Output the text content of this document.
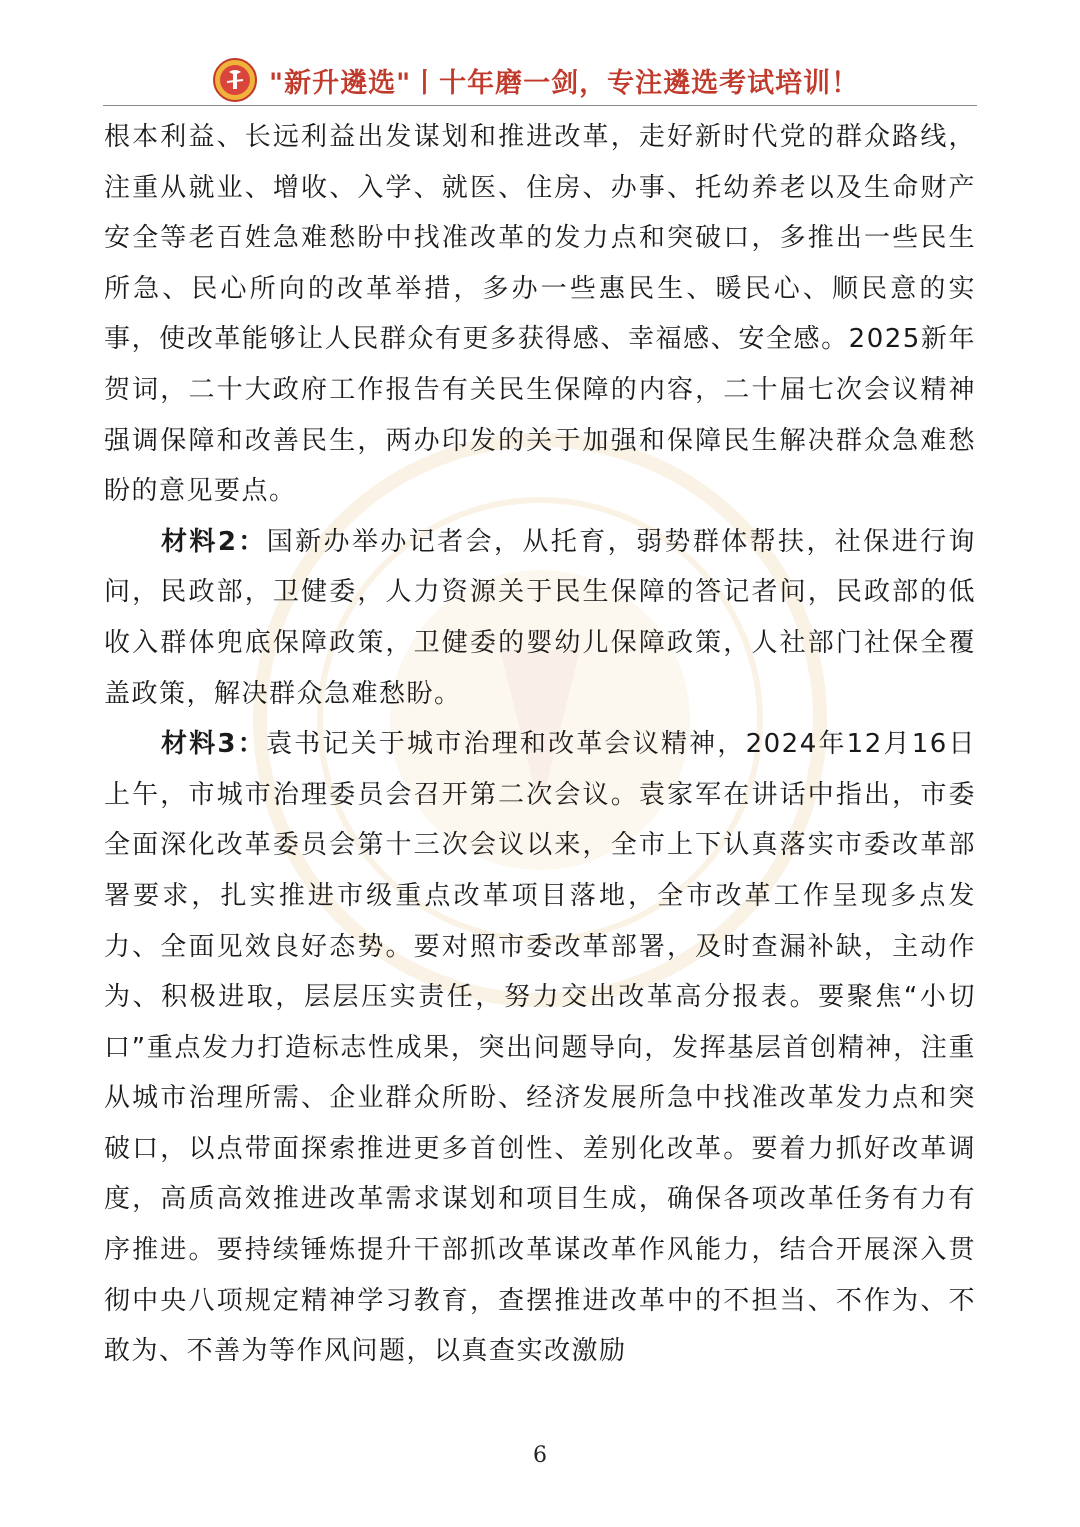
"新升遴选"丨十年磨一剑，专注遴选考试培训！

根本利益、长远利益出发谋划和推进改革，走好新时代党的群众路线，注重从就业、增收、入学、就医、住房、办事、托幼养老以及生命财产安全等老百姓急难愁盼中找准改革的发力点和突破口，多推出一些民生所急、民心所向的改革举措，多办一些惠民生、暖民心、顺民意的实事，使改革能够让人民群众有更多获得感、幸福感、安全感。2025新年贺词，二十大政府工作报告有关民生保障的内容，二十届七次会议精神强调保障和改善民生，两办印发的关于加强和保障民生解决群众急难愁盼的意见要点。

材料2：国新办举办记者会，从托育，弱势群体帮扶，社保进行询问，民政部，卫健委，人力资源关于民生保障的答记者问，民政部的低收入群体兜底保障政策，卫健委的婴幼儿保障政策，人社部门社保全覆盖政策，解决群众急难愁盼。

材料3：袁书记关于城市治理和改革会议精神，2024年12月16日上午，市城市治理委员会召开第二次会议。袁家军在讲话中指出，市委全面深化改革委员会第十三次会议以来，全市上下认真落实市委改革部署要求，扎实推进市级重点改革项目落地，全市改革工作呈现多点发力、全面见效良好态势。要对照市委改革部署，及时查漏补缺，主动作为、积极进取，层层压实责任，努力交出改革高分报表。要聚焦“小切口”重点发力打造标志性成果，突出问题导向，发挥基层首创精神，注重从城市治理所需、企业群众所盼、经济发展所急中找准改革发力点和突破口，以点带面探索推进更多首创性、差别化改革。要着力抓好改革调度，高质高效推进改革需求谋划和项目生成，确保各项改革任务有力有序推进。要持续锤炼提升干部抓改革谋改革作风能力，结合开展深入贯彻中央八项规定精神学习教育，查摆推进改革中的不担当、不作为、不敢为、不善为等作风问题，以真查实改激励

6
